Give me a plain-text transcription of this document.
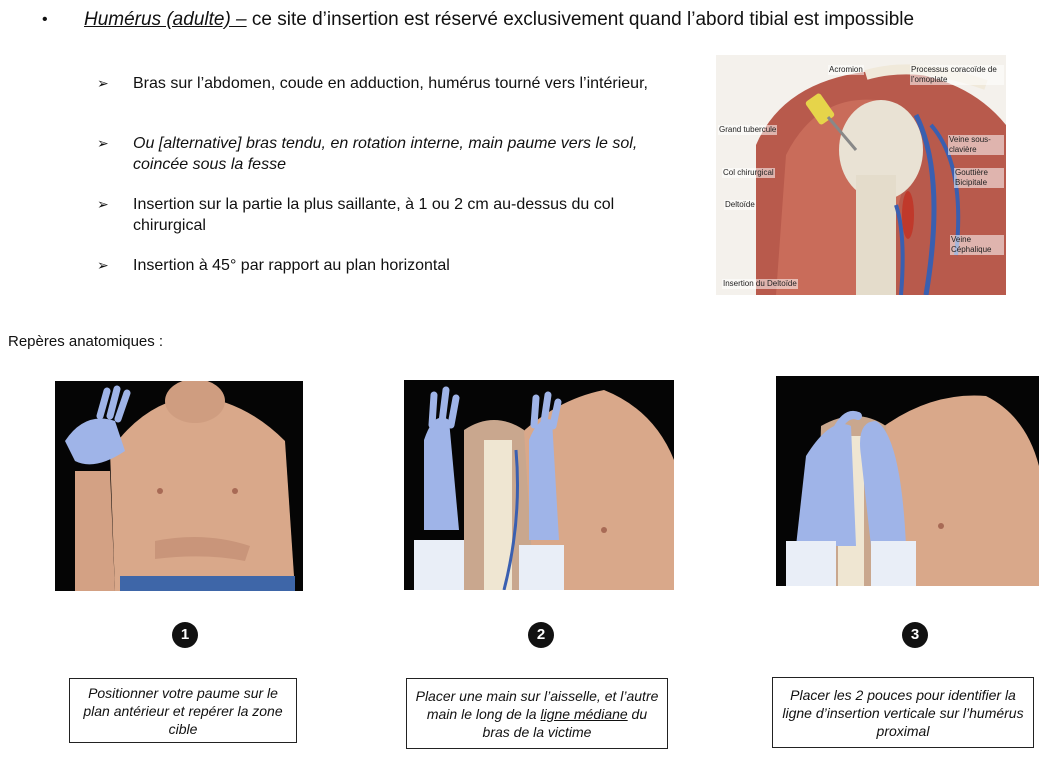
• Humérus (adulte) – ce site d’insertion est réservé exclusivement quand l’abord tibial est impossible
➢ Bras sur l’abdomen, coude en adduction, humérus tourné vers l’intérieur,
➢ Ou [alternative] bras tendu, en rotation interne, main paume vers le sol, coincée sous la fesse
➢ Insertion sur la partie la plus saillante, à 1 ou 2 cm au-dessus du col chirurgical
➢ Insertion à 45° par rapport au plan horizontal
Acromion	Processus coracoïde de l’omoplate
Grand tubercule
Veine sous-clavière
Col chirurgical	Gouttière Bicipitale
Deltoïde
Veine Céphalique
Insertion du Deltoïde
Repères anatomiques :
1	2	3
Positionner votre paume sur le plan antérieur et repérer la zone cible
Placer une main sur l’aisselle, et l’autre main le long de la ligne médiane du bras de la victime
Placer les 2 pouces pour identifier la ligne d’insertion verticale sur l’humérus proximal
